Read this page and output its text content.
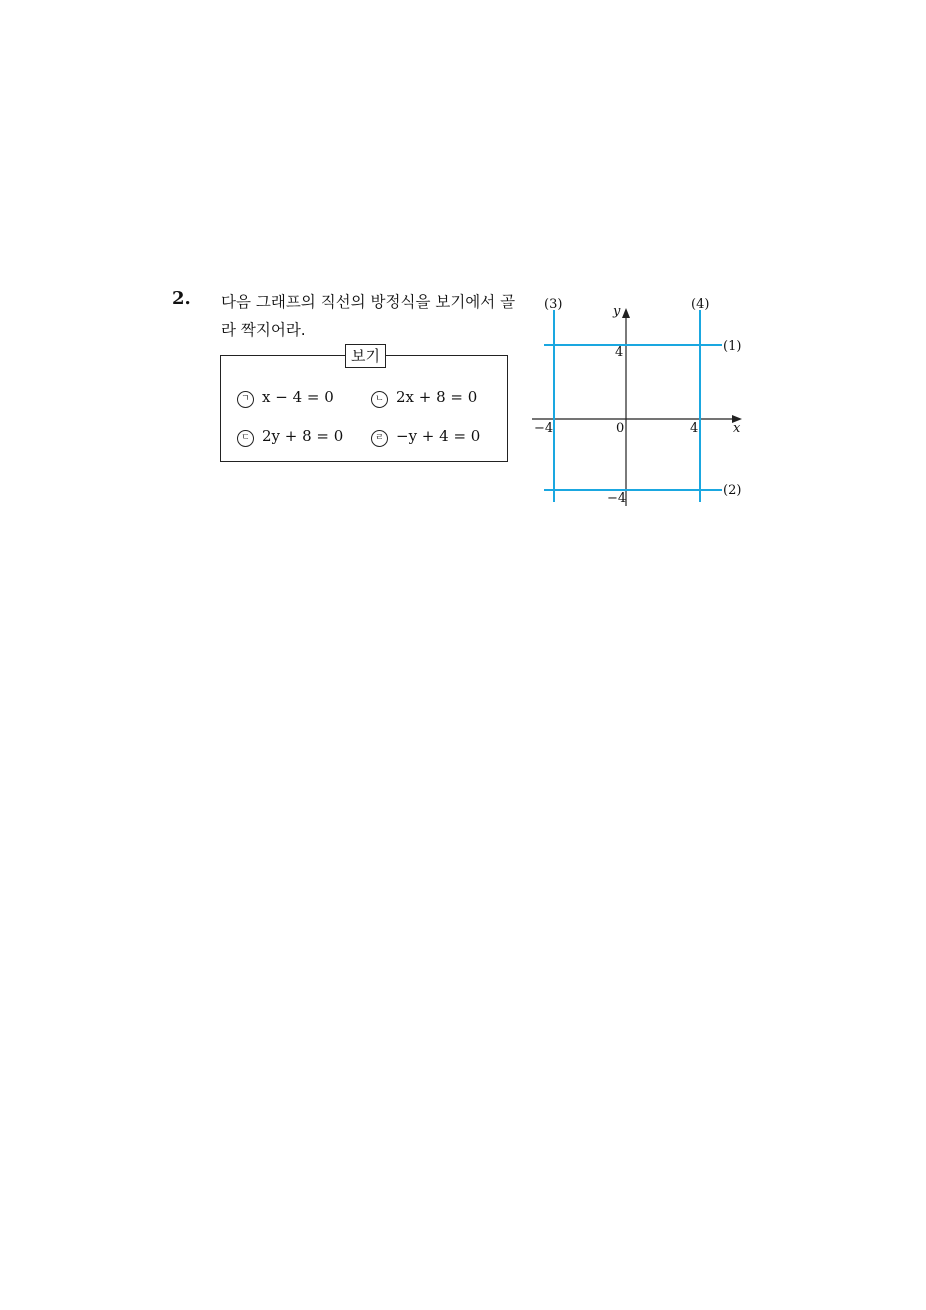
2. 다음 그래프의 직선의 방정식을 보기에서 골
라 짝지어라.
보기
ㄱ x − 4 = 0	ㄴ 2x + 8 = 0
ㄷ 2y + 8 = 0	ㄹ −y + 4 = 0
(1)
(2)
(3)	(4)
y
x
0
−4	4
4
−4
